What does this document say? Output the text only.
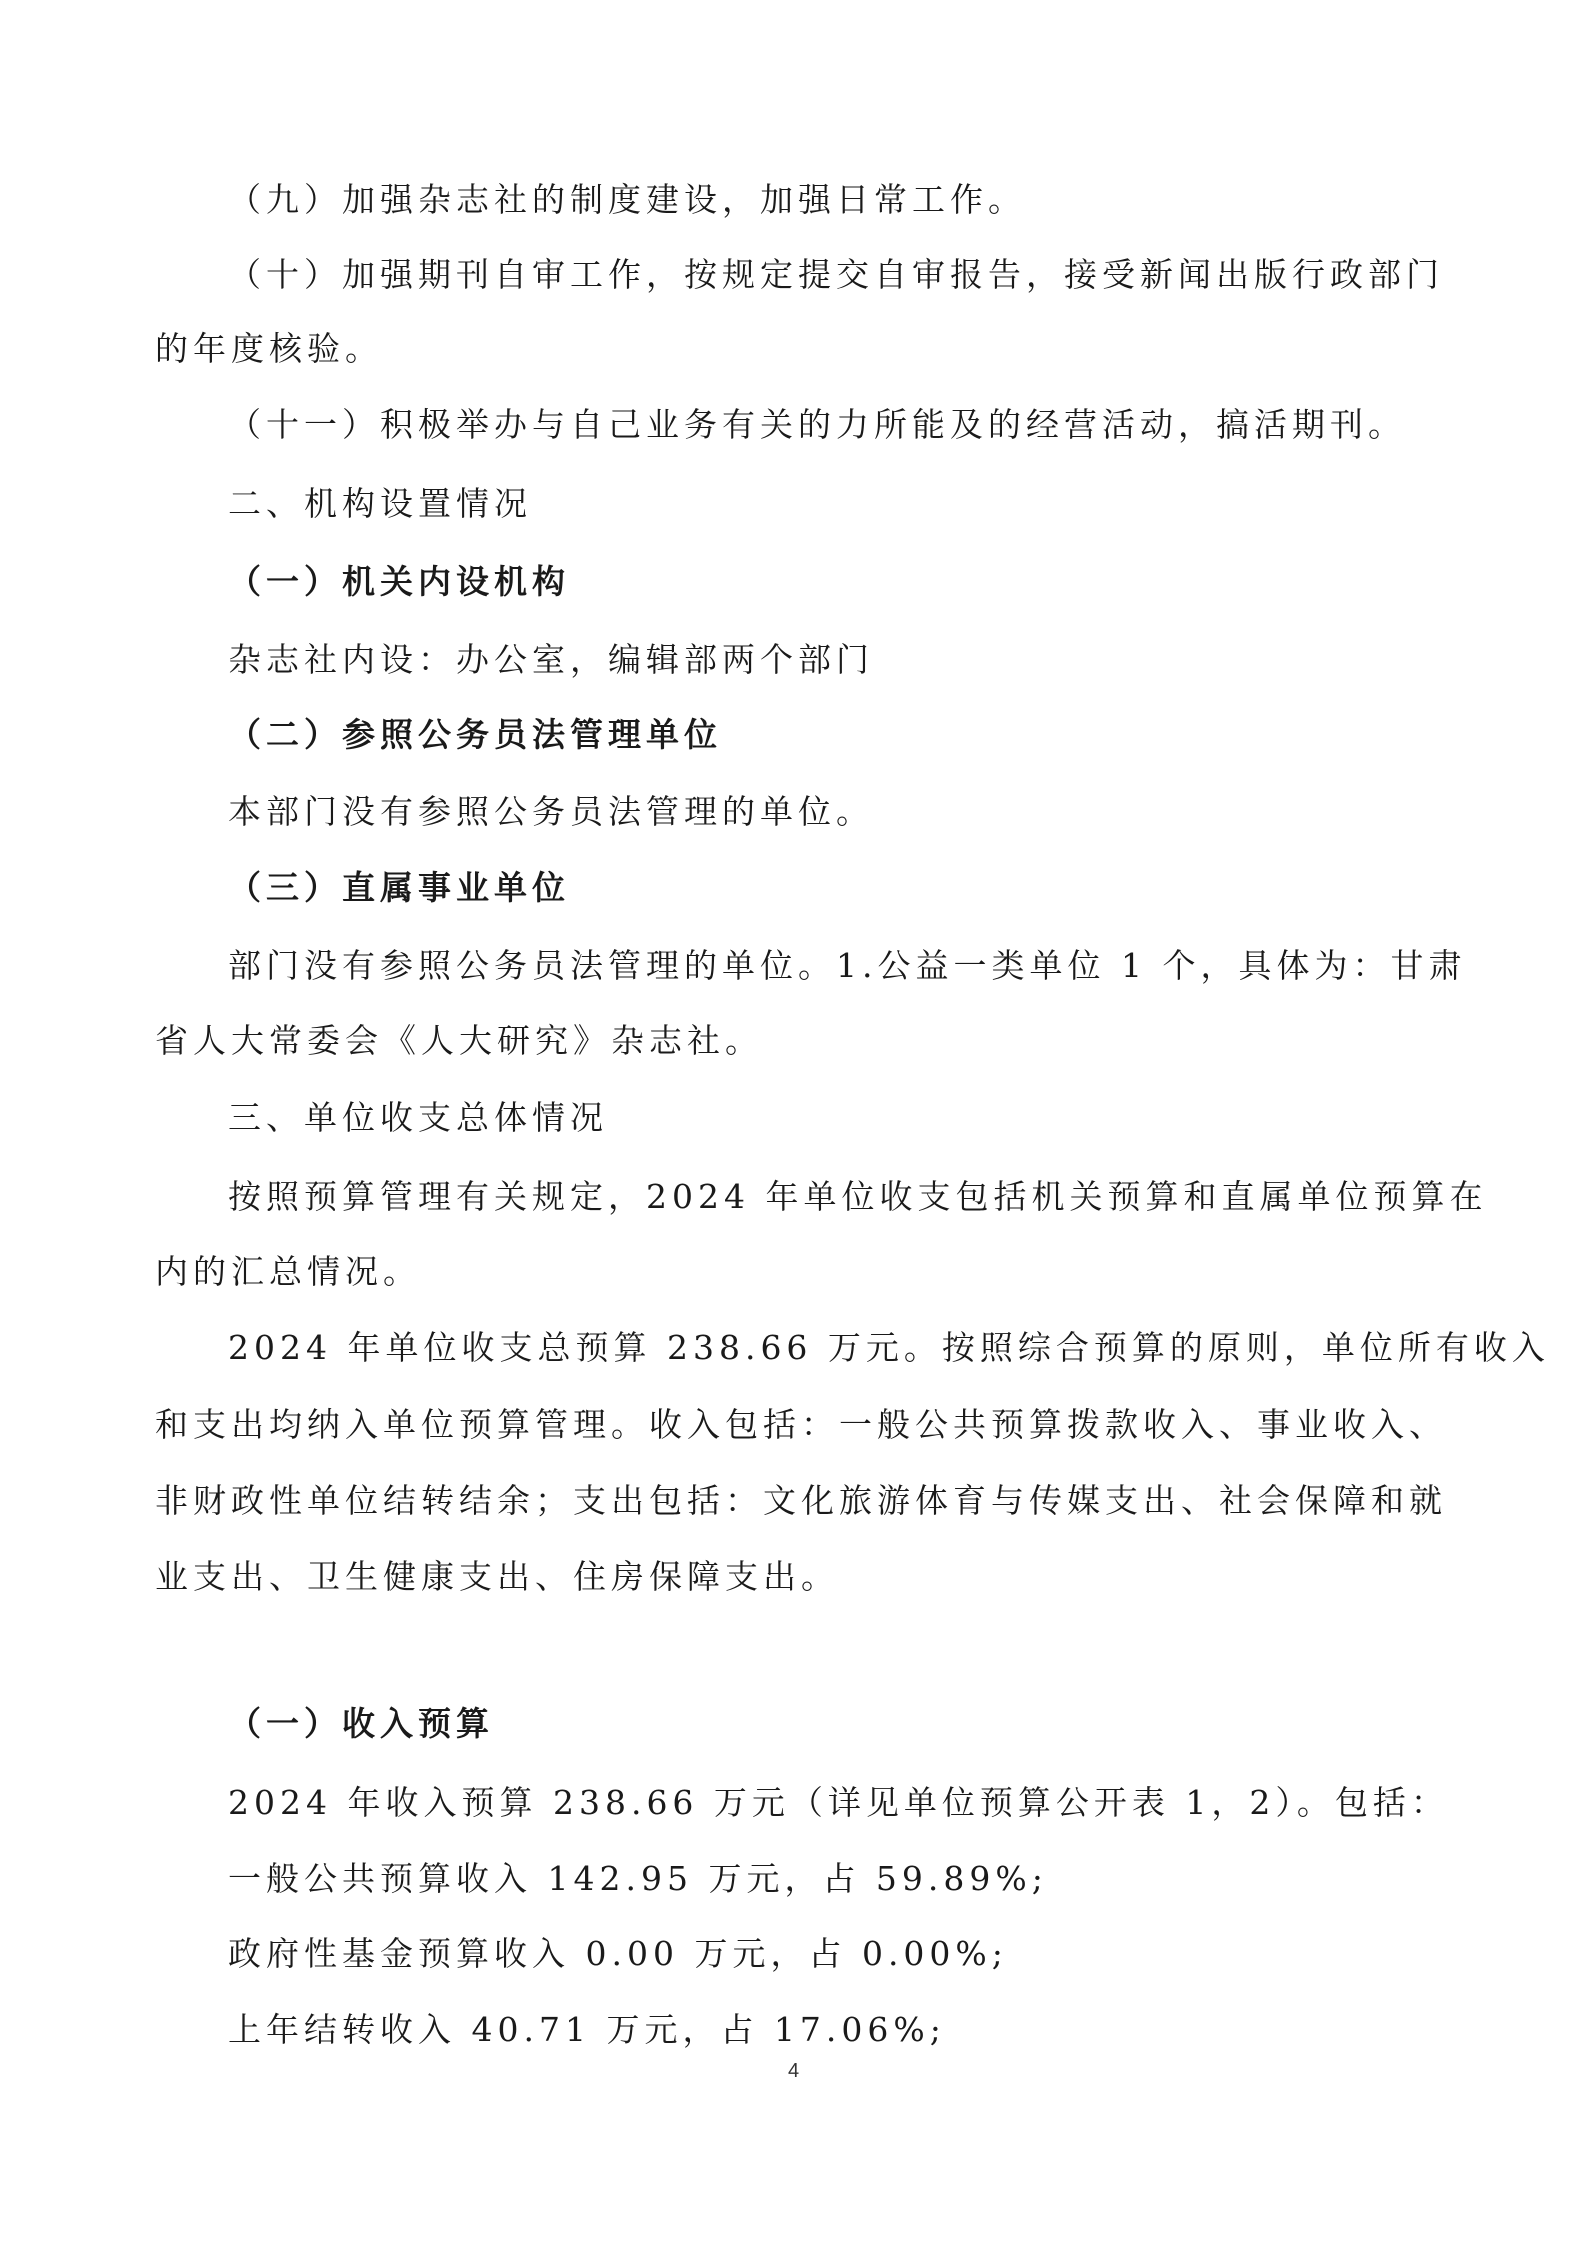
（九）加强杂志社的制度建设，加强日常工作。
（十）加强期刊自审工作，按规定提交自审报告，接受新闻出版行政部门
的年度核验。
（十一）积极举办与自己业务有关的力所能及的经营活动，搞活期刊。
二、机构设置情况
（一）机关内设机构
杂志社内设：办公室，编辑部两个部门
（二）参照公务员法管理单位
本部门没有参照公务员法管理的单位。
（三）直属事业单位
部门没有参照公务员法管理的单位。1.公益一类单位 1 个，具体为：甘肃
省人大常委会《人大研究》杂志社。
三、单位收支总体情况
按照预算管理有关规定，2024 年单位收支包括机关预算和直属单位预算在
内的汇总情况。
2024 年单位收支总预算 238.66 万元。按照综合预算的原则，单位所有收入
和支出均纳入单位预算管理。收入包括：一般公共预算拨款收入、事业收入、
非财政性单位结转结余；支出包括：文化旅游体育与传媒支出、社会保障和就
业支出、卫生健康支出、住房保障支出。
（一）收入预算
2024 年收入预算 238.66 万元（详见单位预算公开表 1，2）。包括：
一般公共预算收入 142.95 万元，占 59.89%;
政府性基金预算收入 0.00 万元，占 0.00%;
上年结转收入 40.71 万元，占 17.06%;
4
